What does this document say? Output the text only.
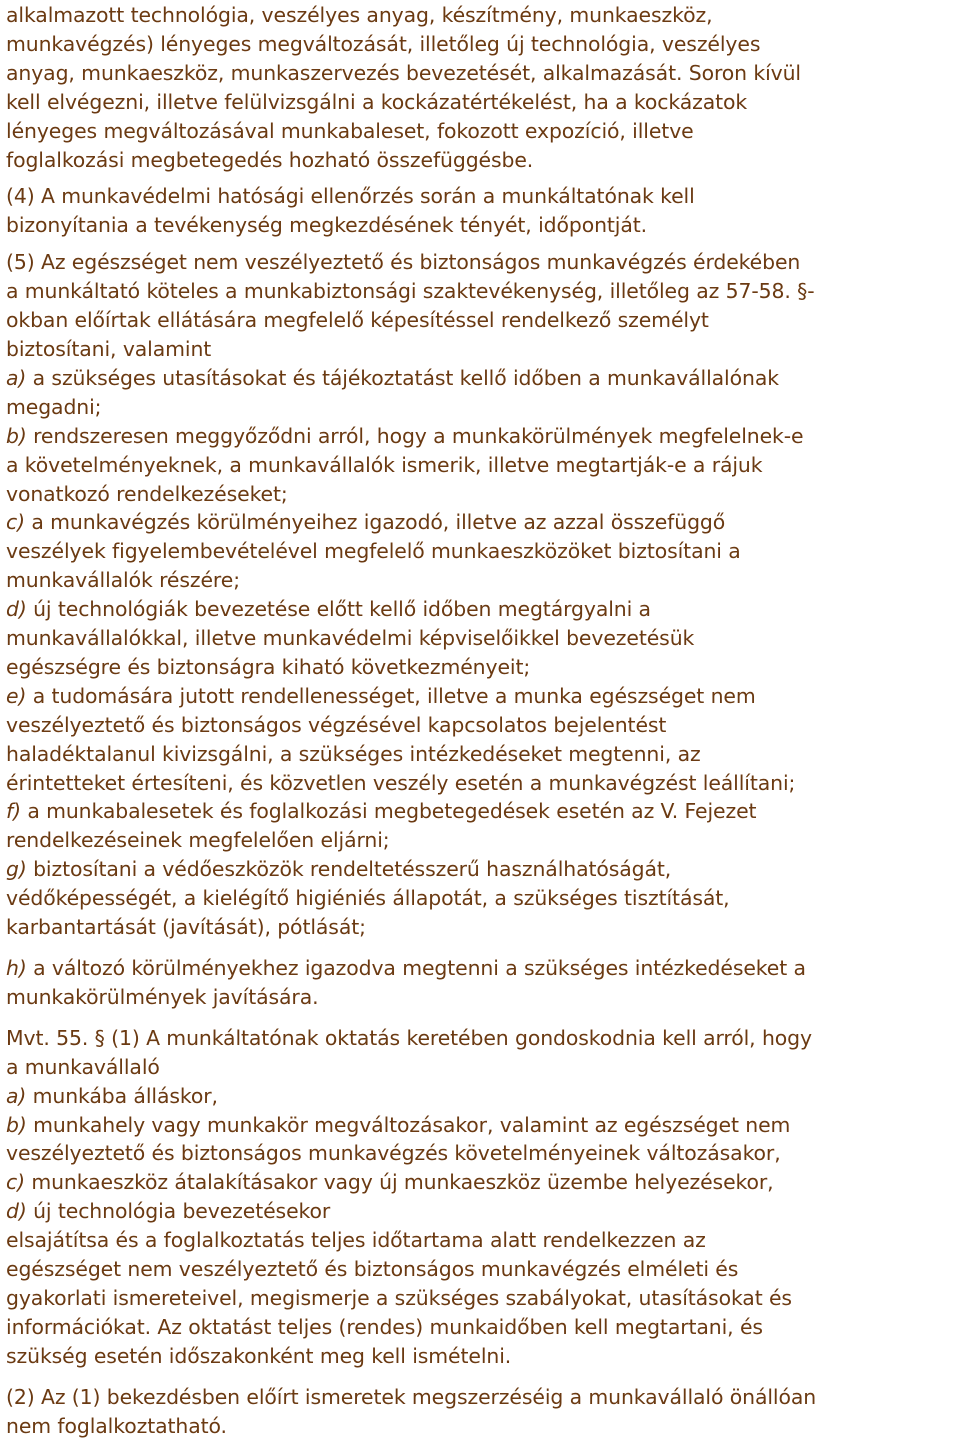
alkalmazott technológia, veszélyes anyag, készítmény, munkaeszköz,
munkavégzés) lényeges megváltozását, illetőleg új technológia, veszélyes
anyag, munkaeszköz, munkaszervezés bevezetését, alkalmazását. Soron kívül
kell elvégezni, illetve felülvizsgálni a kockázatértékelést, ha a kockázatok
lényeges megváltozásával munkabaleset, fokozott expozíció, illetve
foglalkozási megbetegedés hozható összefüggésbe.
(4) A munkavédelmi hatósági ellenőrzés során a munkáltatónak kell
bizonyítania a tevékenység megkezdésének tényét, időpontját.
(5) Az egészséget nem veszélyeztető és biztonságos munkavégzés érdekében
a munkáltató köteles a munkabiztonsági szaktevékenység, illetőleg az 57-58. §-
okban előírtak ellátására megfelelő képesítéssel rendelkező személyt
biztosítani, valamint
a) a szükséges utasításokat és tájékoztatást kellő időben a munkavállalónak
megadni;
b) rendszeresen meggyőződni arról, hogy a munkakörülmények megfelelnek-e
a követelményeknek, a munkavállalók ismerik, illetve megtartják-e a rájuk
vonatkozó rendelkezéseket;
c) a munkavégzés körülményeihez igazodó, illetve az azzal összefüggő
veszélyek figyelembevételével megfelelő munkaeszközöket biztosítani a
munkavállalók részére;
d) új technológiák bevezetése előtt kellő időben megtárgyalni a
munkavállalókkal, illetve munkavédelmi képviselőikkel bevezetésük
egészségre és biztonságra kiható következményeit;
e) a tudomására jutott rendellenességet, illetve a munka egészséget nem
veszélyeztető és biztonságos végzésével kapcsolatos bejelentést
haladéktalanul kivizsgálni, a szükséges intézkedéseket megtenni, az
érintetteket értesíteni, és közvetlen veszély esetén a munkavégzést leállítani;
f) a munkabalesetek és foglalkozási megbetegedések esetén az V. Fejezet
rendelkezéseinek megfelelően eljárni;
g) biztosítani a védőeszközök rendeltetésszerű használhatóságát,
védőképességét, a kielégítő higiéniés állapotát, a szükséges tisztítását,
karbantartását (javítását), pótlását;
h) a változó körülményekhez igazodva megtenni a szükséges intézkedéseket a
munkakörülmények javítására.
Mvt. 55. § (1) A munkáltatónak oktatás keretében gondoskodnia kell arról, hogy
a munkavállaló
a) munkába álláskor,
b) munkahely vagy munkakör megváltozásakor, valamint az egészséget nem
veszélyeztető és biztonságos munkavégzés követelményeinek változásakor,
c) munkaeszköz átalakításakor vagy új munkaeszköz üzembe helyezésekor,
d) új technológia bevezetésekor
elsajátítsa és a foglalkoztatás teljes időtartama alatt rendelkezzen az
egészséget nem veszélyeztető és biztonságos munkavégzés elméleti és
gyakorlati ismereteivel, megismerje a szükséges szabályokat, utasításokat és
információkat. Az oktatást teljes (rendes) munkaidőben kell megtartani, és
szükség esetén időszakonként meg kell ismételni.
(2) Az (1) bekezdésben előírt ismeretek megszerzéséig a munkavállaló önállóan
nem foglalkoztatható.
